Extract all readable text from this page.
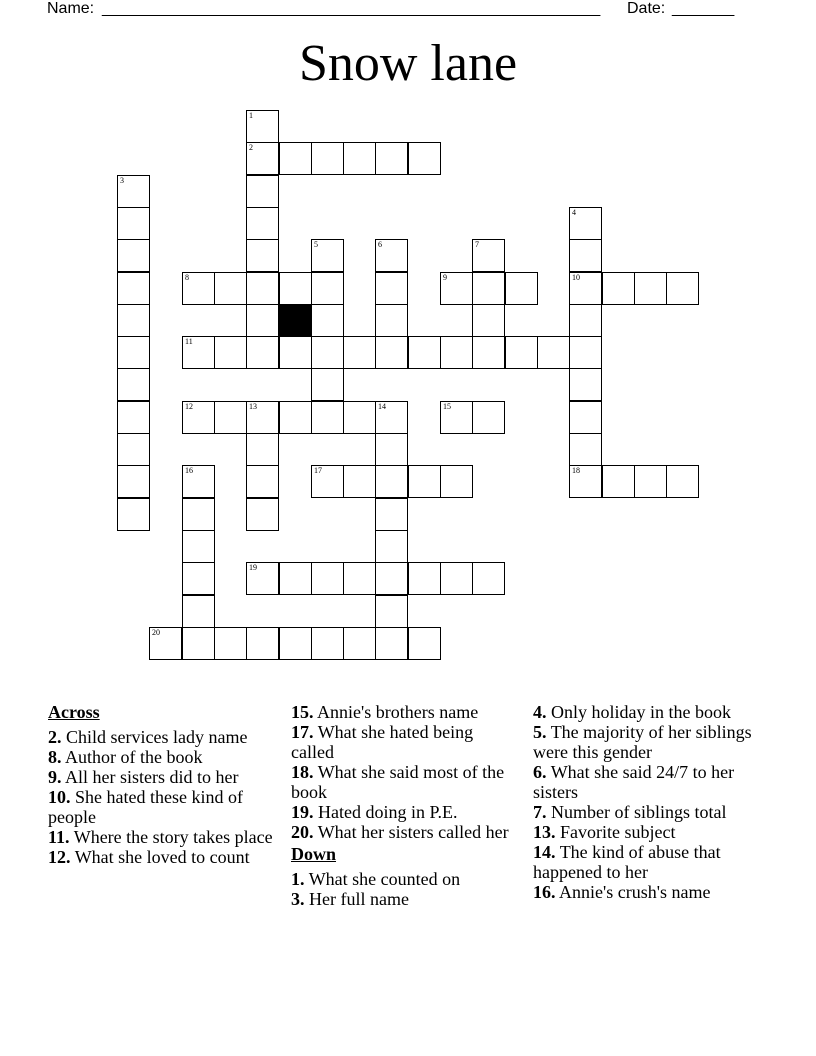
Name: ________________________________________________________ Date: _______
Snow lane
1
2
3
4
5	6	7
8	9	10
11
12	13	14	15
16	17	18
19
20
Across
2. Child services lady name
8. Author of the book
9. All her sisters did to her
10. She hated these kind of people
11. Where the story takes place
12. What she loved to count
15. Annie's brothers name
17. What she hated being called
18. What she said most of the book
19. Hated doing in P.E.
20. What her sisters called her
Down
1. What she counted on
3. Her full name
4. Only holiday in the book
5. The majority of her siblings were this gender
6. What she said 24/7 to her sisters
7. Number of siblings total
13. Favorite subject
14. The kind of abuse that happened to her
16. Annie's crush's name
